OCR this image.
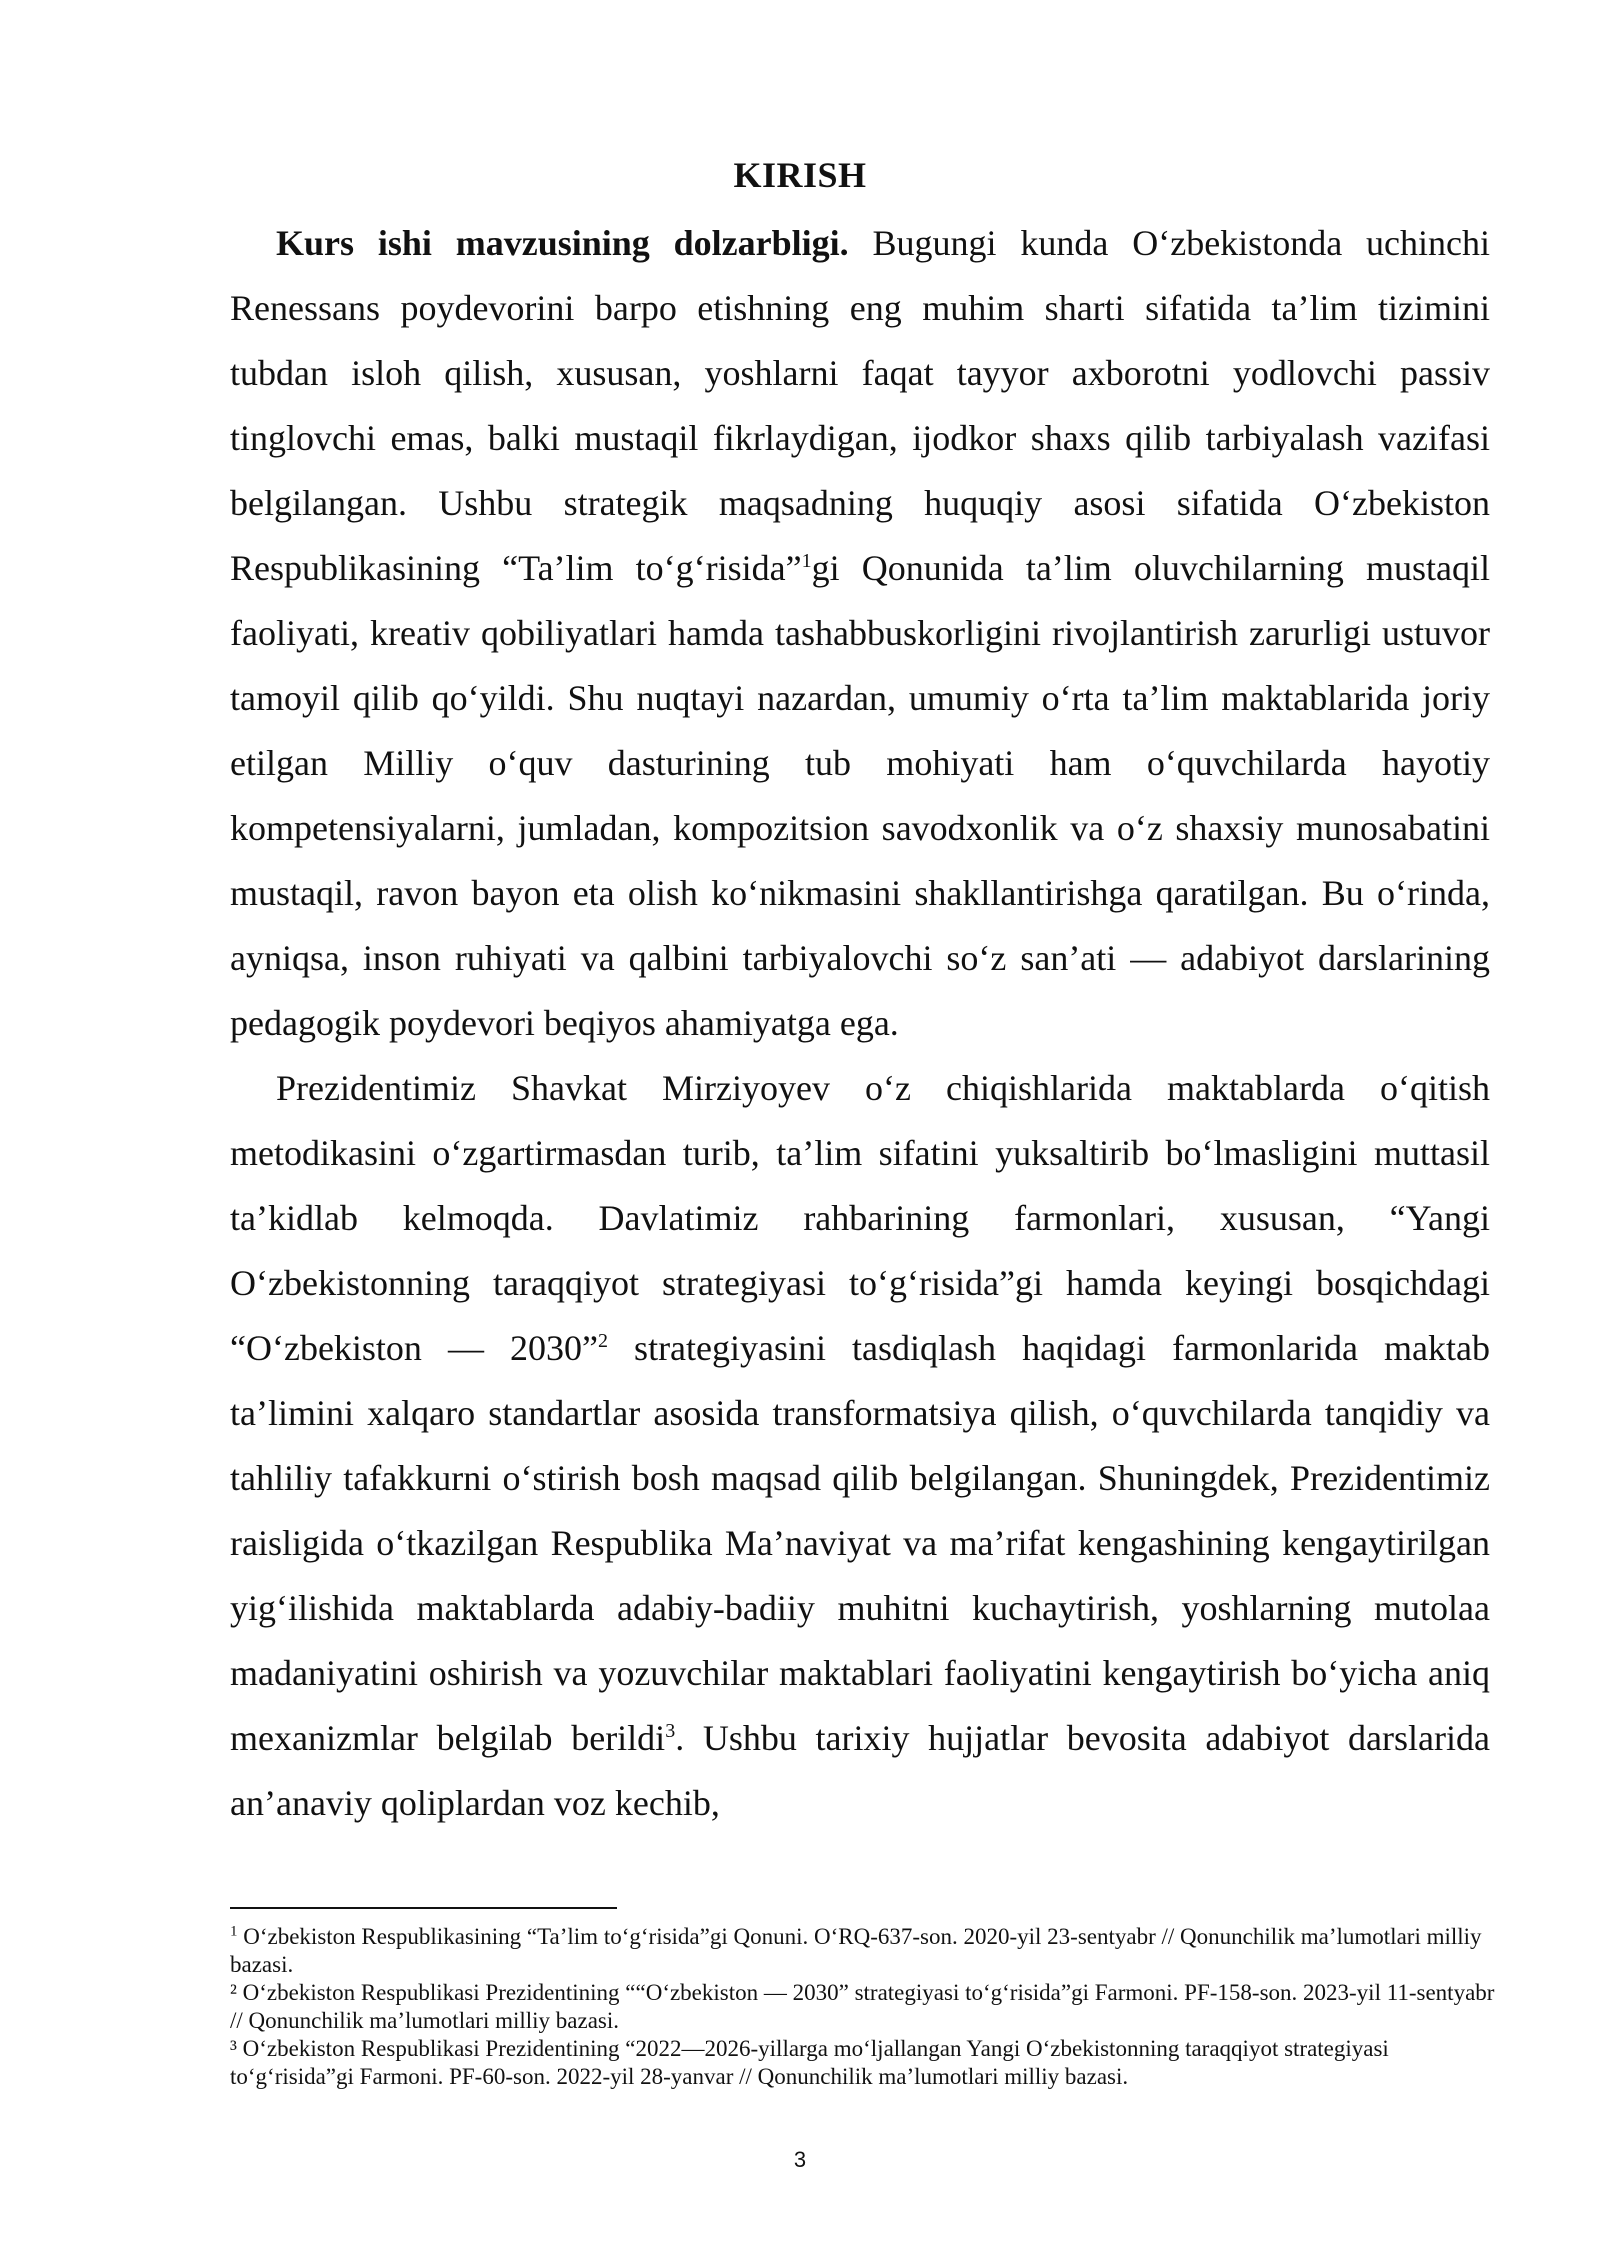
KIRISH

Kurs ishi mavzusining dolzarbligi. Bugungi kunda O‘zbekistonda uchinchi Renessans poydevorini barpo etishning eng muhim sharti sifatida ta’lim tizimini tubdan isloh qilish, xususan, yoshlarni faqat tayyor axborotni yodlovchi passiv tinglovchi emas, balki mustaqil fikrlaydigan, ijodkor shaxs qilib tarbiyalash vazifasi belgilangan. Ushbu strategik maqsadning huquqiy asosi sifatida O‘zbekiston Respublikasining “Ta’lim to‘g‘risida”$^1$gi Qonunida ta’lim oluvchilarning mustaqil faoliyati, kreativ qobiliyatlari hamda tashabbuskorligini rivojlantirish zarurligi ustuvor tamoyil qilib qo‘yildi. Shu nuqtayi nazardan, umumiy o‘rta ta’lim maktablarida joriy etilgan Milliy o‘quv dasturining tub mohiyati ham o‘quvchilarda hayotiy kompetensiyalarni, jumladan, kompozitsion savodxonlik va o‘z shaxsiy munosabatini mustaqil, ravon bayon eta olish ko‘nikmasini shakllantirishga qaratilgan. Bu o‘rinda, ayniqsa, inson ruhiyati va qalbini tarbiyalovchi so‘z san’ati — adabiyot darslarining pedagogik poydevori beqiyos ahamiyatga ega.

Prezidentimiz Shavkat Mirziyoyev o‘z chiqishlarida maktablarda o‘qitish metodikasini o‘zgartirmasdan turib, ta’lim sifatini yuksaltirib bo‘lmasligini muttasil ta’kidlab kelmoqda. Davlatimiz rahbarining farmonlari, xususan, “Yangi O‘zbekistonning taraqqiyot strategiyasi to‘g‘risida”gi hamda keyingi bosqichdagi “O‘zbekiston — 2030”$^2$ strategiyasini tasdiqlash haqidagi farmonlarida maktab ta’limini xalqaro standartlar asosida transformatsiya qilish, o‘quvchilarda tanqidiy va tahliliy tafakkurni o‘stirish bosh maqsad qilib belgilangan. Shuningdek, Prezidentimiz raisligida o‘tkazilgan Respublika Ma’naviyat va ma’rifat kengashining kengaytirilgan yig‘ilishida maktablarda adabiy-badiiy muhitni kuchaytirish, yoshlarning mutolaa madaniyatini oshirish va yozuvchilar maktablari faoliyatini kengaytirish bo‘yicha aniq mexanizmlar belgilab berildi$^3$. Ushbu tarixiy hujjatlar bevosita adabiyot darslarida an’anaviy qoliplardan voz kechib,

$^1$ O‘zbekiston Respublikasining “Ta’lim to‘g‘risida”gi Qonuni. O‘RQ-637-son. 2020-yil 23-sentyabr // Qonunchilik ma’lumotlari milliy bazasi.

² O‘zbekiston Respublikasi Prezidentining ““O‘zbekiston — 2030” strategiyasi to‘g‘risida”gi Farmoni. PF-158-son. 2023-yil 11-sentyabr // Qonunchilik ma’lumotlari milliy bazasi.

³ O‘zbekiston Respublikasi Prezidentining “2022—2026-yillarga mo‘ljallangan Yangi O‘zbekistonning taraqqiyot strategiyasi to‘g‘risida”gi Farmoni. PF-60-son. 2022-yil 28-yanvar // Qonunchilik ma’lumotlari milliy bazasi.

3
